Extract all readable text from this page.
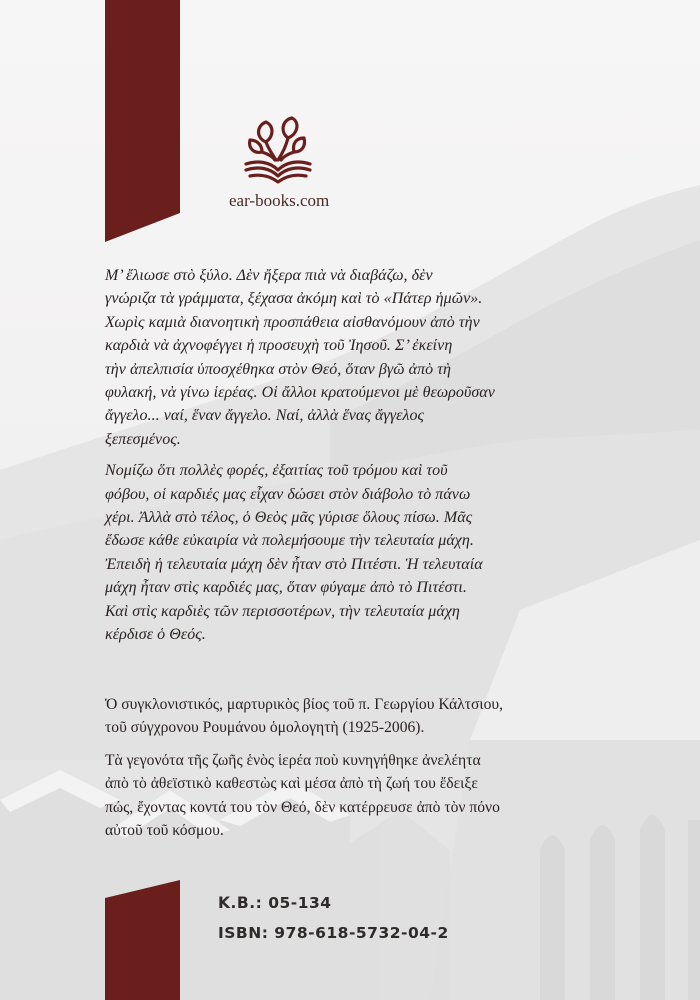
ear-books.com

Μ’ ἔλιωσε στὸ ξύλο. Δὲν ἤξερα πιὰ νὰ διαβάζω, δὲν
γνώριζα τὰ γράμματα, ξέχασα ἀκόμη καὶ τὸ «Πάτερ ἡμῶν».
Χωρὶς καμιὰ διανοητικὴ προσπάθεια αἰσθανόμουν ἀπὸ τὴν
καρδιὰ νὰ ἀχνοφέγγει ἡ προσευχὴ τοῦ Ἰησοῦ. Σ’ ἐκείνη
τὴν ἀπελπισία ὑποσχέθηκα στὸν Θεό, ὅταν βγῶ ἀπὸ τὴ
φυλακή, νὰ γίνω ἱερέας. Οἱ ἄλλοι κρατούμενοι μὲ θεωροῦσαν
ἄγγελο... ναί, ἕναν ἄγγελο. Ναί, ἀλλὰ ἕνας ἄγγελος
ξεπεσμένος.

Νομίζω ὅτι πολλὲς φορές, ἐξαιτίας τοῦ τρόμου καὶ τοῦ
φόβου, οἱ καρδιές μας εἶχαν δώσει στὸν διάβολο τὸ πάνω
χέρι. Ἀλλὰ στὸ τέλος, ὁ Θεὸς μᾶς γύρισε ὅλους πίσω. Μᾶς
ἔδωσε κάθε εὐκαιρία νὰ πολεμήσουμε τὴν τελευταία μάχη.
Ἐπειδὴ ἡ τελευταία μάχη δὲν ἦταν στὸ Πιτέστι. Ἡ τελευταία
μάχη ἦταν στὶς καρδιές μας, ὅταν φύγαμε ἀπὸ τὸ Πιτέστι.
Καὶ στὶς καρδιὲς τῶν περισσοτέρων, τὴν τελευταία μάχη
κέρδισε ὁ Θεός.

Ὁ συγκλονιστικός, μαρτυρικὸς βίος τοῦ π. Γεωργίου Κάλτσιου,
τοῦ σύγχρονου Ρουμάνου ὁμολογητὴ (1925-2006).

Τὰ γεγονότα τῆς ζωῆς ἑνὸς ἱερέα ποὺ κυνηγήθηκε ἀνελέητα
ἀπὸ τὸ ἀθεϊστικὸ καθεστὼς καὶ μέσα ἀπὸ τὴ ζωή του ἔδειξε
πώς, ἔχοντας κοντά του τὸν Θεό, δὲν κατέρρευσε ἀπὸ τὸν πόνο
αὐτοῦ τοῦ κόσμου.

Κ.Β.: 05-134
ISBN: 978-618-5732-04-2
